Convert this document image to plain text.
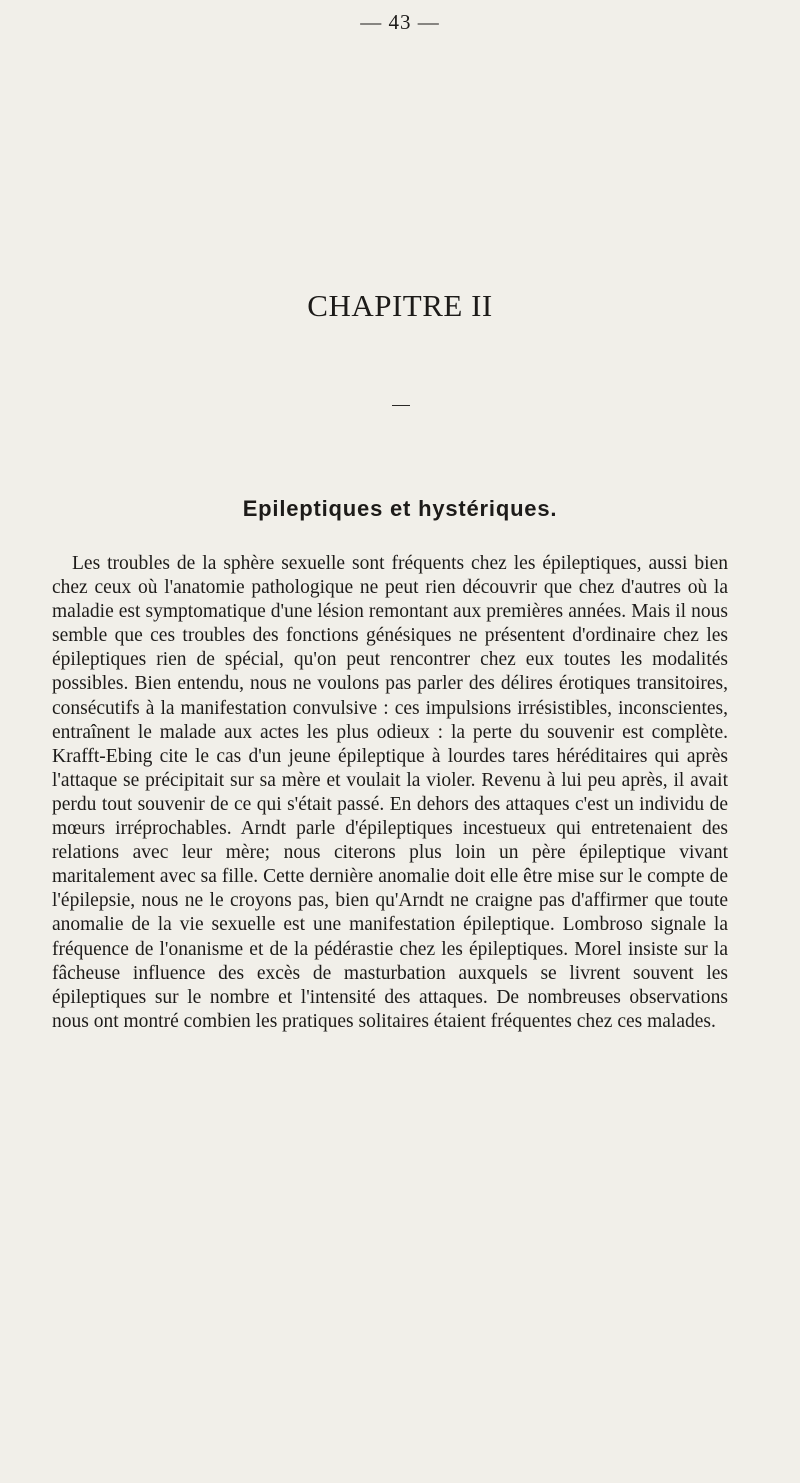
— 43 —
CHAPITRE II
Epileptiques et hystériques.

Les troubles de la sphère sexuelle sont fréquents chez les épileptiques, aussi bien chez ceux où l'anatomie pathologique ne peut rien découvrir que chez d'autres où la maladie est symptomatique d'une lésion remontant aux premières années. Mais il nous semble que ces troubles des fonctions génésiques ne présentent d'ordinaire chez les épileptiques rien de spécial, qu'on peut rencontrer chez eux toutes les modalités possibles. Bien entendu, nous ne voulons pas parler des délires érotiques transitoires, consécutifs à la manifestation convulsive : ces impulsions irrésistibles, inconscientes, entraînent le malade aux actes les plus odieux : la perte du souvenir est complète. Krafft-Ebing cite le cas d'un jeune épileptique à lourdes tares héréditaires qui après l'attaque se précipitait sur sa mère et voulait la violer. Revenu à lui peu après, il avait perdu tout souvenir de ce qui s'était passé. En dehors des attaques c'est un individu de mœurs irréprochables. Arndt parle d'épileptiques incestueux qui entretenaient des relations avec leur mère; nous citerons plus loin un père épileptique vivant maritalement avec sa fille. Cette dernière anomalie doit elle être mise sur le compte de l'épilepsie, nous ne le croyons pas, bien qu'Arndt ne craigne pas d'affirmer que toute anomalie de la vie sexuelle est une manifestation épileptique. Lombroso signale la fréquence de l'onanisme et de la pédérastie chez les épileptiques. Morel insiste sur la fâcheuse influence des excès de masturbation auxquels se livrent souvent les épileptiques sur le nombre et l'intensité des attaques. De nombreuses observations nous ont montré combien les pratiques solitaires étaient fréquentes chez ces malades.
